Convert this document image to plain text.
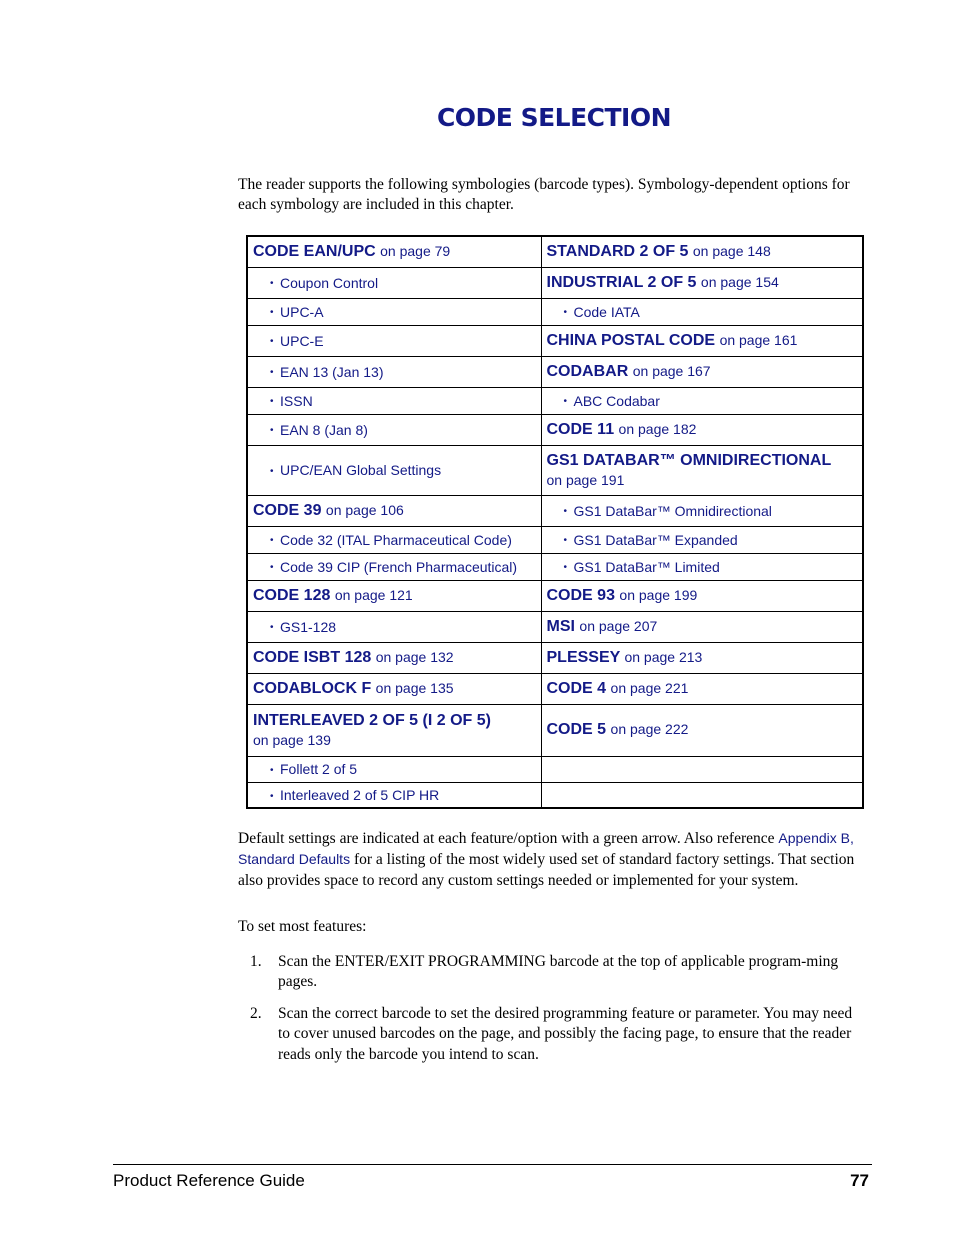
CODE SELECTION

The reader supports the following symbologies (barcode types). Symbology-dependent options for each symbology are included in this chapter.

CODE EAN/UPC on page 79	STANDARD 2 OF 5 on page 148
• Coupon Control	INDUSTRIAL 2 OF 5 on page 154
• UPC-A	• Code IATA
• UPC-E	CHINA POSTAL CODE on page 161
• EAN 13 (Jan 13)	CODABAR on page 167
• ISSN	• ABC Codabar
• EAN 8 (Jan 8)	CODE 11 on page 182
• UPC/EAN Global Settings	GS1 DATABAR™ OMNIDIRECTIONAL
on page 191

CODE 39 on page 106	• GS1 DataBar™ Omnidirectional
• Code 32 (ITAL Pharmaceutical Code)	• GS1 DataBar™ Expanded
• Code 39 CIP (French Pharmaceutical)	• GS1 DataBar™ Limited
CODE 128 on page 121	CODE 93 on page 199
• GS1-128	MSI on page 207
CODE ISBT 128 on page 132	PLESSEY on page 213
CODABLOCK F on page 135	CODE 4 on page 221
INTERLEAVED 2 OF 5 (I 2 OF 5)
on page 139	CODE 5 on page 222
• Follett 2 of 5	
• Interleaved 2 of 5 CIP HR	

Default settings are indicated at each feature/option with a green arrow. Also reference Appendix B, Standard Defaults for a listing of the most widely used set of standard factory settings. That section also provides space to record any custom settings needed or implemented for your system.

To set most features:

1. Scan the ENTER/EXIT PROGRAMMING barcode at the top of applicable program-ming pages.
2. Scan the correct barcode to set the desired programming feature or parameter. You may need to cover unused barcodes on the page, and possibly the facing page, to ensure that the reader reads only the barcode you intend to scan.
Product Reference Guide	77
